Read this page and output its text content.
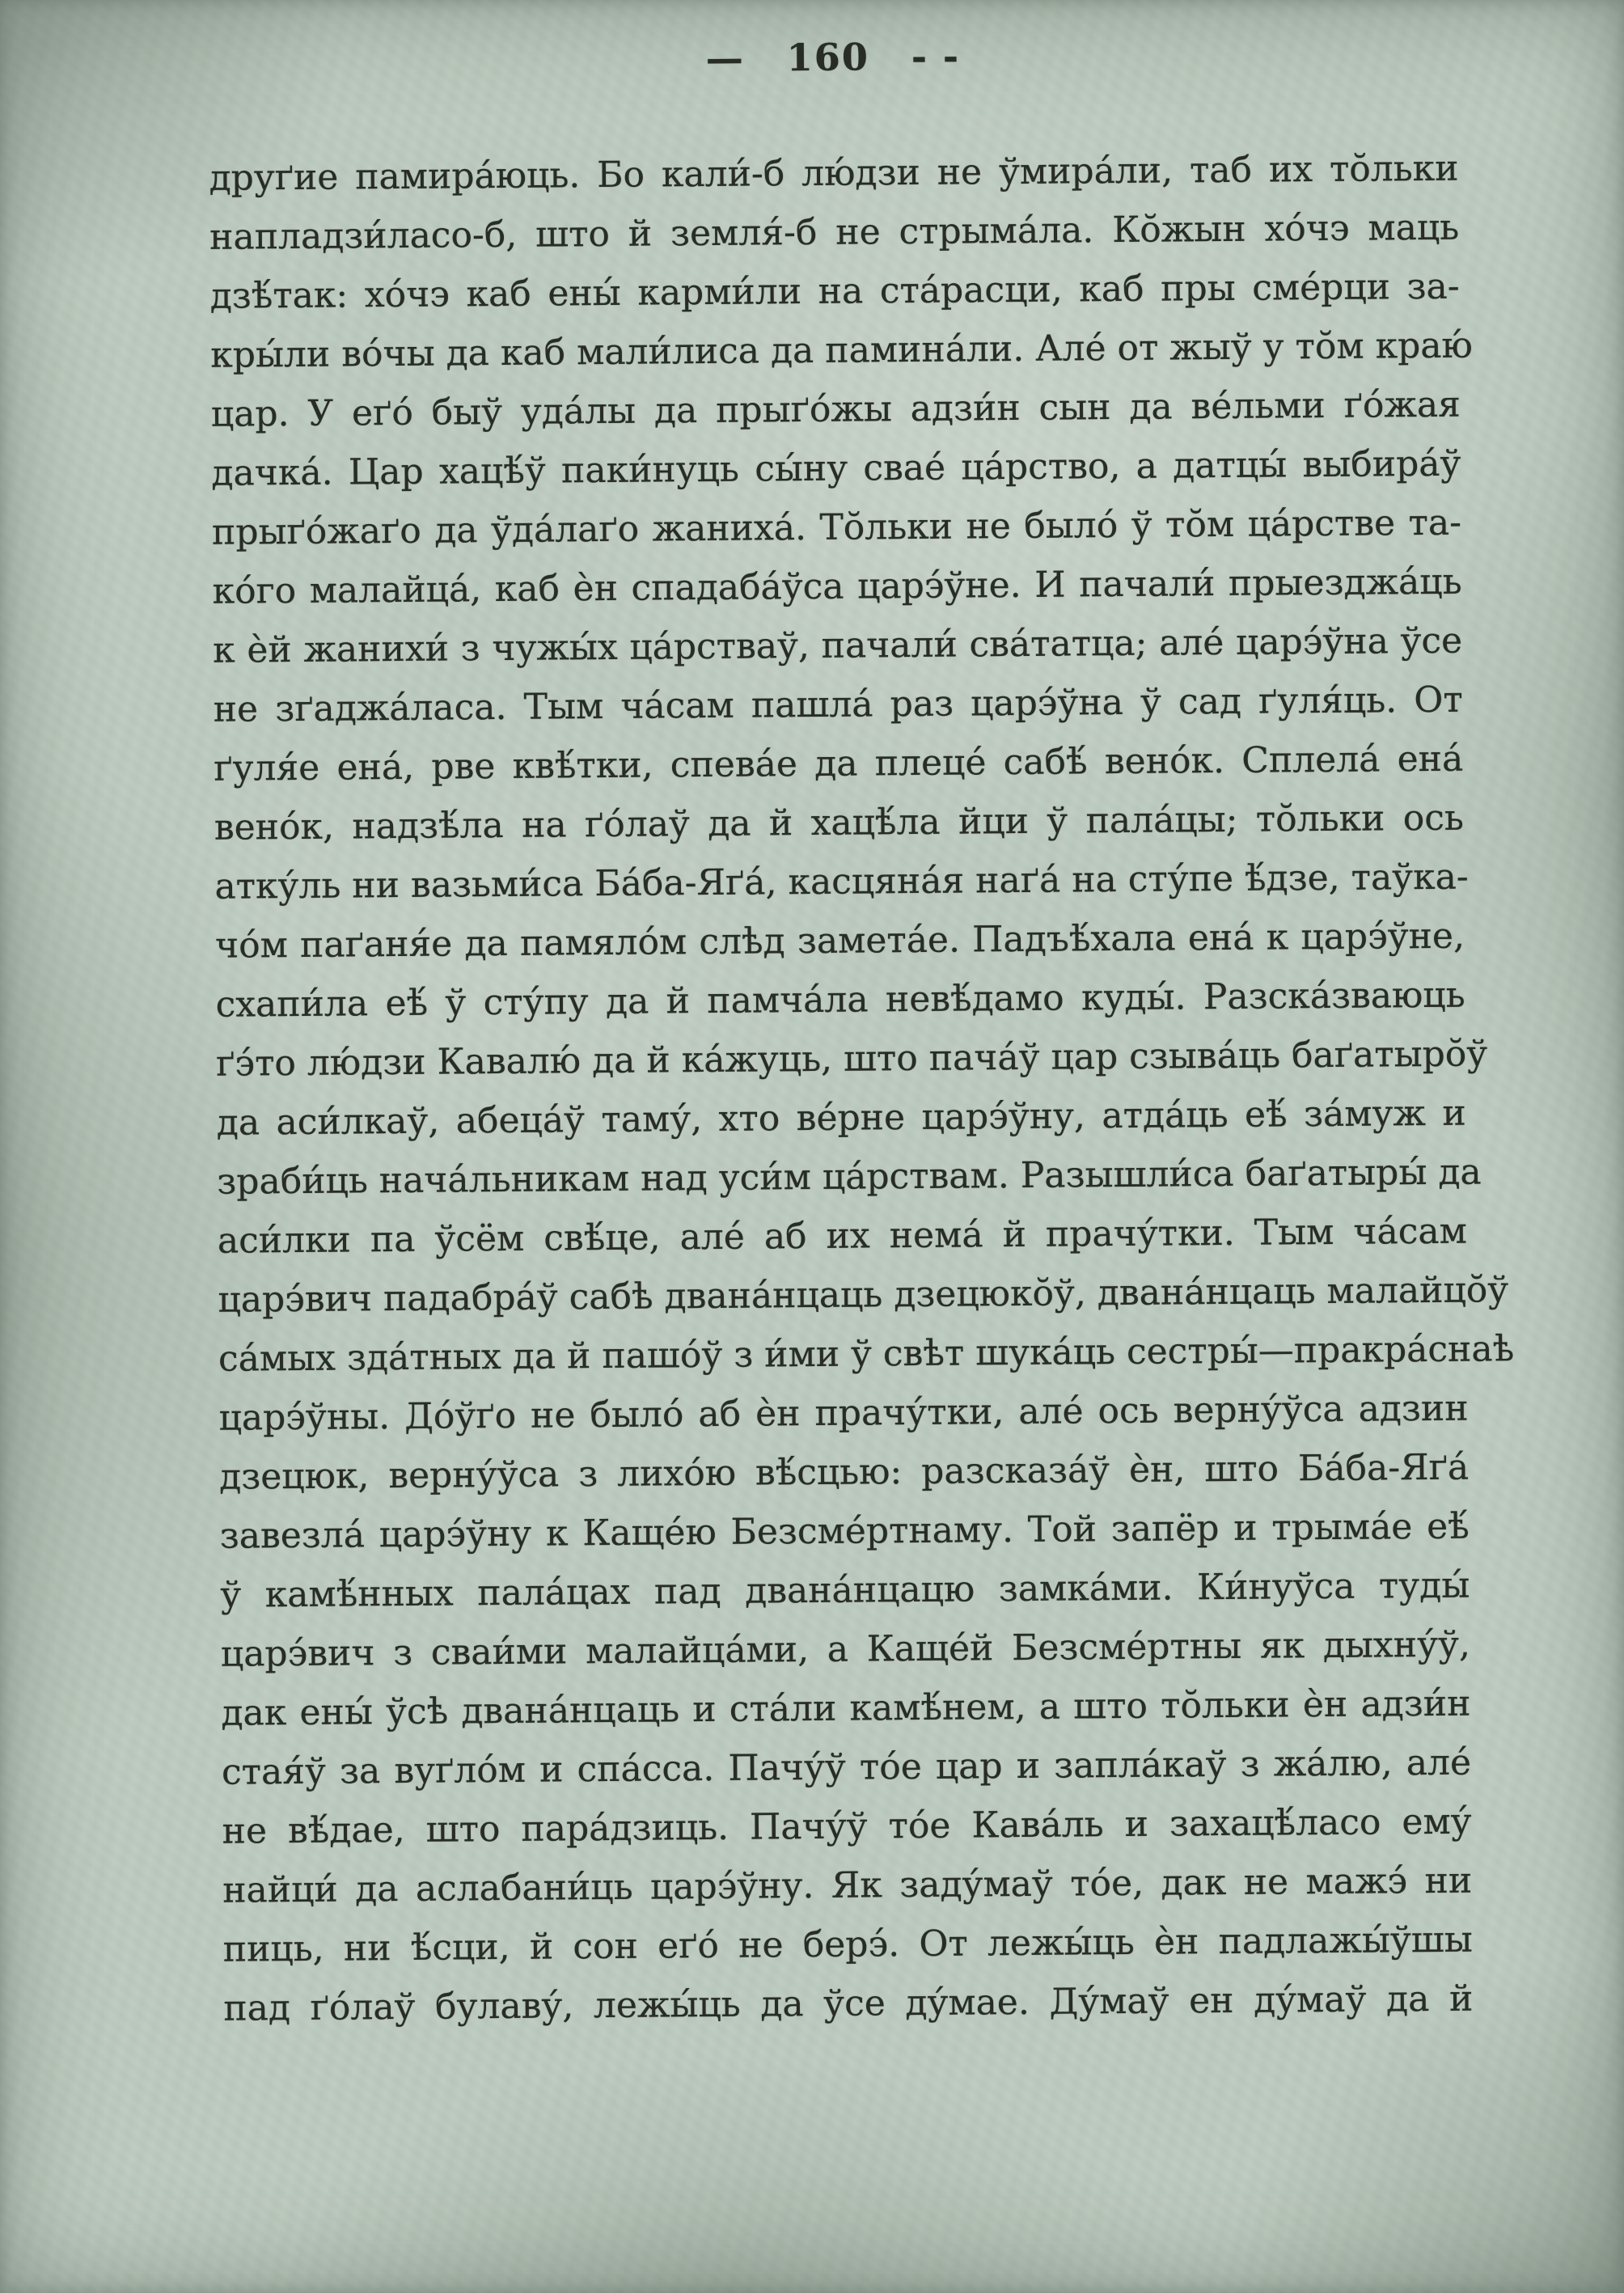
— 160 - -

друґие памира́юць. Бо кали́-б лю́дзи не ўмира́ли, таб их то̆льки

напладзи́ласо-б, што й земля́-б не стрыма́ла. Ко̆жын хо́чэ маць

дзѣ́так: хо́чэ каб ены́ карми́ли на ста́расци, каб пры сме́рци за-

кры́ли во́чы да каб мали́лиса да памина́ли. Але́ от жыў у то̆м краю́

цар. У еґо́ быў уда́лы да прыґо́жы адзи́н сын да ве́льми ґо́жая

дачка́. Цар хацѣ́ў паки́нуць сы́ну свае́ ца́рство, а датцы́ выбира́ў

прыґо́жаґо да ўда́лаґо жаниха́. То̆льки не было́ ў то̆м ца́рстве та-

ко́го малайца́, каб ѐн спадаба́ўса царэ́ўне. И пачали́ прыезджа́ць

к ѐй жанихи́ з чужы́х ца́рстваў, пачали́ сва́татца; але́ царэ́ўна ўсе

не зґаджа́ласа. Тым ча́сам пашла́ раз царэ́ўна ў сад ґуля́ць. От

ґуля́е ена́, рве квѣ́тки, спева́е да плеце́ сабѣ́ вено́к. Сплела́ ена́

вено́к, надзѣ́ла на ґо́лаў да й хацѣ́ла йци ў пала́цы; то̆льки ось

атку́ль ни вазьми́са Ба́ба-Яґа́, касцяна́я наґа́ на сту́пе ѣ́дзе, таўка-

чо́м паґаня́е да памяло́м слѣд замета́е. Падъѣ́хала ена́ к царэ́ўне,

схапи́ла еѣ́ ў сту́пу да й памча́ла невѣ́дамо куды́. Разска́зваюць

ґэ́то лю́дзи Кавалю́ да й ка́жуць, што пача́ў цар сзыва́ць баґатыро̆ў

да аси́лкаў, абеца́ў таму́, хто ве́рне царэ́ўну, атда́ць еѣ́ за́муж и

зраби́ць нача́льникам над уси́м ца́рствам. Разышли́са баґатыры́ да

аси́лки па ўсём свѣ́це, але́ аб их нема́ й прачу́тки. Тым ча́сам

царэ́вич падабра́ў сабѣ двана́нцаць дзецюко̆ў, двана́нцаць малайцо̆ў

са́мых зда́тных да й пашо́ў з и́ми ў свѣт шука́ць сестры́—пракра́снаѣ

царэ́ўны. До́ўґо не было́ аб ѐн прачу́тки, але́ ось верну́ўса адзин

дзецюк, верну́ўса з лихо́ю вѣ́сцью: разсказа́ў ѐн, што Ба́ба-Яґа́

завезла́ царэ́ўну к Каще́ю Безсме́ртнаму. Той запёр и трыма́е еѣ́

ў камѣ́нных пала́цах пад двана́нцацю замка́ми. Ки́нуўса туды́

царэ́вич з сваи́ми малайца́ми, а Каще́й Безсме́ртны як дыхну́ў,

дак ены́ ўсѣ двана́нцаць и ста́ли камѣ́нем, а што то̆льки ѐн адзи́н

стая́ў за вуґло́м и спа́сса. Пачу́ў то́е цар и запла́каў з жа́лю, але́

не вѣ́дае, што пара́дзиць. Пачу́ў то́е Кава́ль и захацѣ́ласо ему́

найци́ да аслабани́ць царэ́ўну. Як заду́маў то́е, дак не мажэ́ ни

пиць, ни ѣ́сци, й сон еґо́ не берэ́. От лежы́ць ѐн падлажы́ўшы

пад ґо́лаў булаву́, лежы́ць да ўсе ду́мае. Ду́маў ен ду́маў да й
